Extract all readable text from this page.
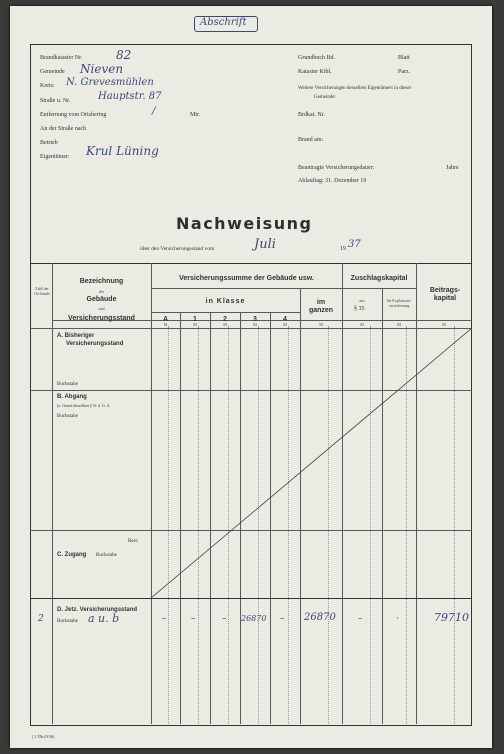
Abschrift
Brandkataster Nr.	82
Gemeinde Nieven
Kreis: N. Grevesmühlen
Straße u. Nr.	Hauptstr. 87
Entfernung vom Ortsbering	/	Mtr.
An der Straße nach
Betrieb
Eigentümer: Krul Lüning
Grundbuch Bd.	Blatt
Kataster Ktbl.	Parz.
Weitere Versicherungen desselben Eigentümers in dieser
Gemeinde:
Brdkat. Nr.
Brand am:
Beantragte Versicherungsdauer:	Jahre
Ablauftag: 31. Dezember 19
Nachweisung
über den Versicherungsstand vom	Juli	19 37
Zahl der Ge-bäude
Bezeichnung
der
Gebäude
und
Versicherungsstand
Versicherungssumme der Gebäude usw.
in Klasse
A	1	2	3	4
im ganzen
Zuschlagskapital
aus
§ 35
für Explosions-versicherung
Beitrags-kapital
M	M	M	M	M	M	M	M	M
A. Bisheriger
Versicherungsstand
Buchstabe
B. Abgang
(z. Grund desselben § 51 d. G. A.
Buchstabe
Rest:
C. Zugang Buchstabe
D. Jetz. Versicherungsstand
Buchstabe
2	a u. b	–	–	– 26870 – 26870 –	·	79710
[ 1 55b (9/36)
